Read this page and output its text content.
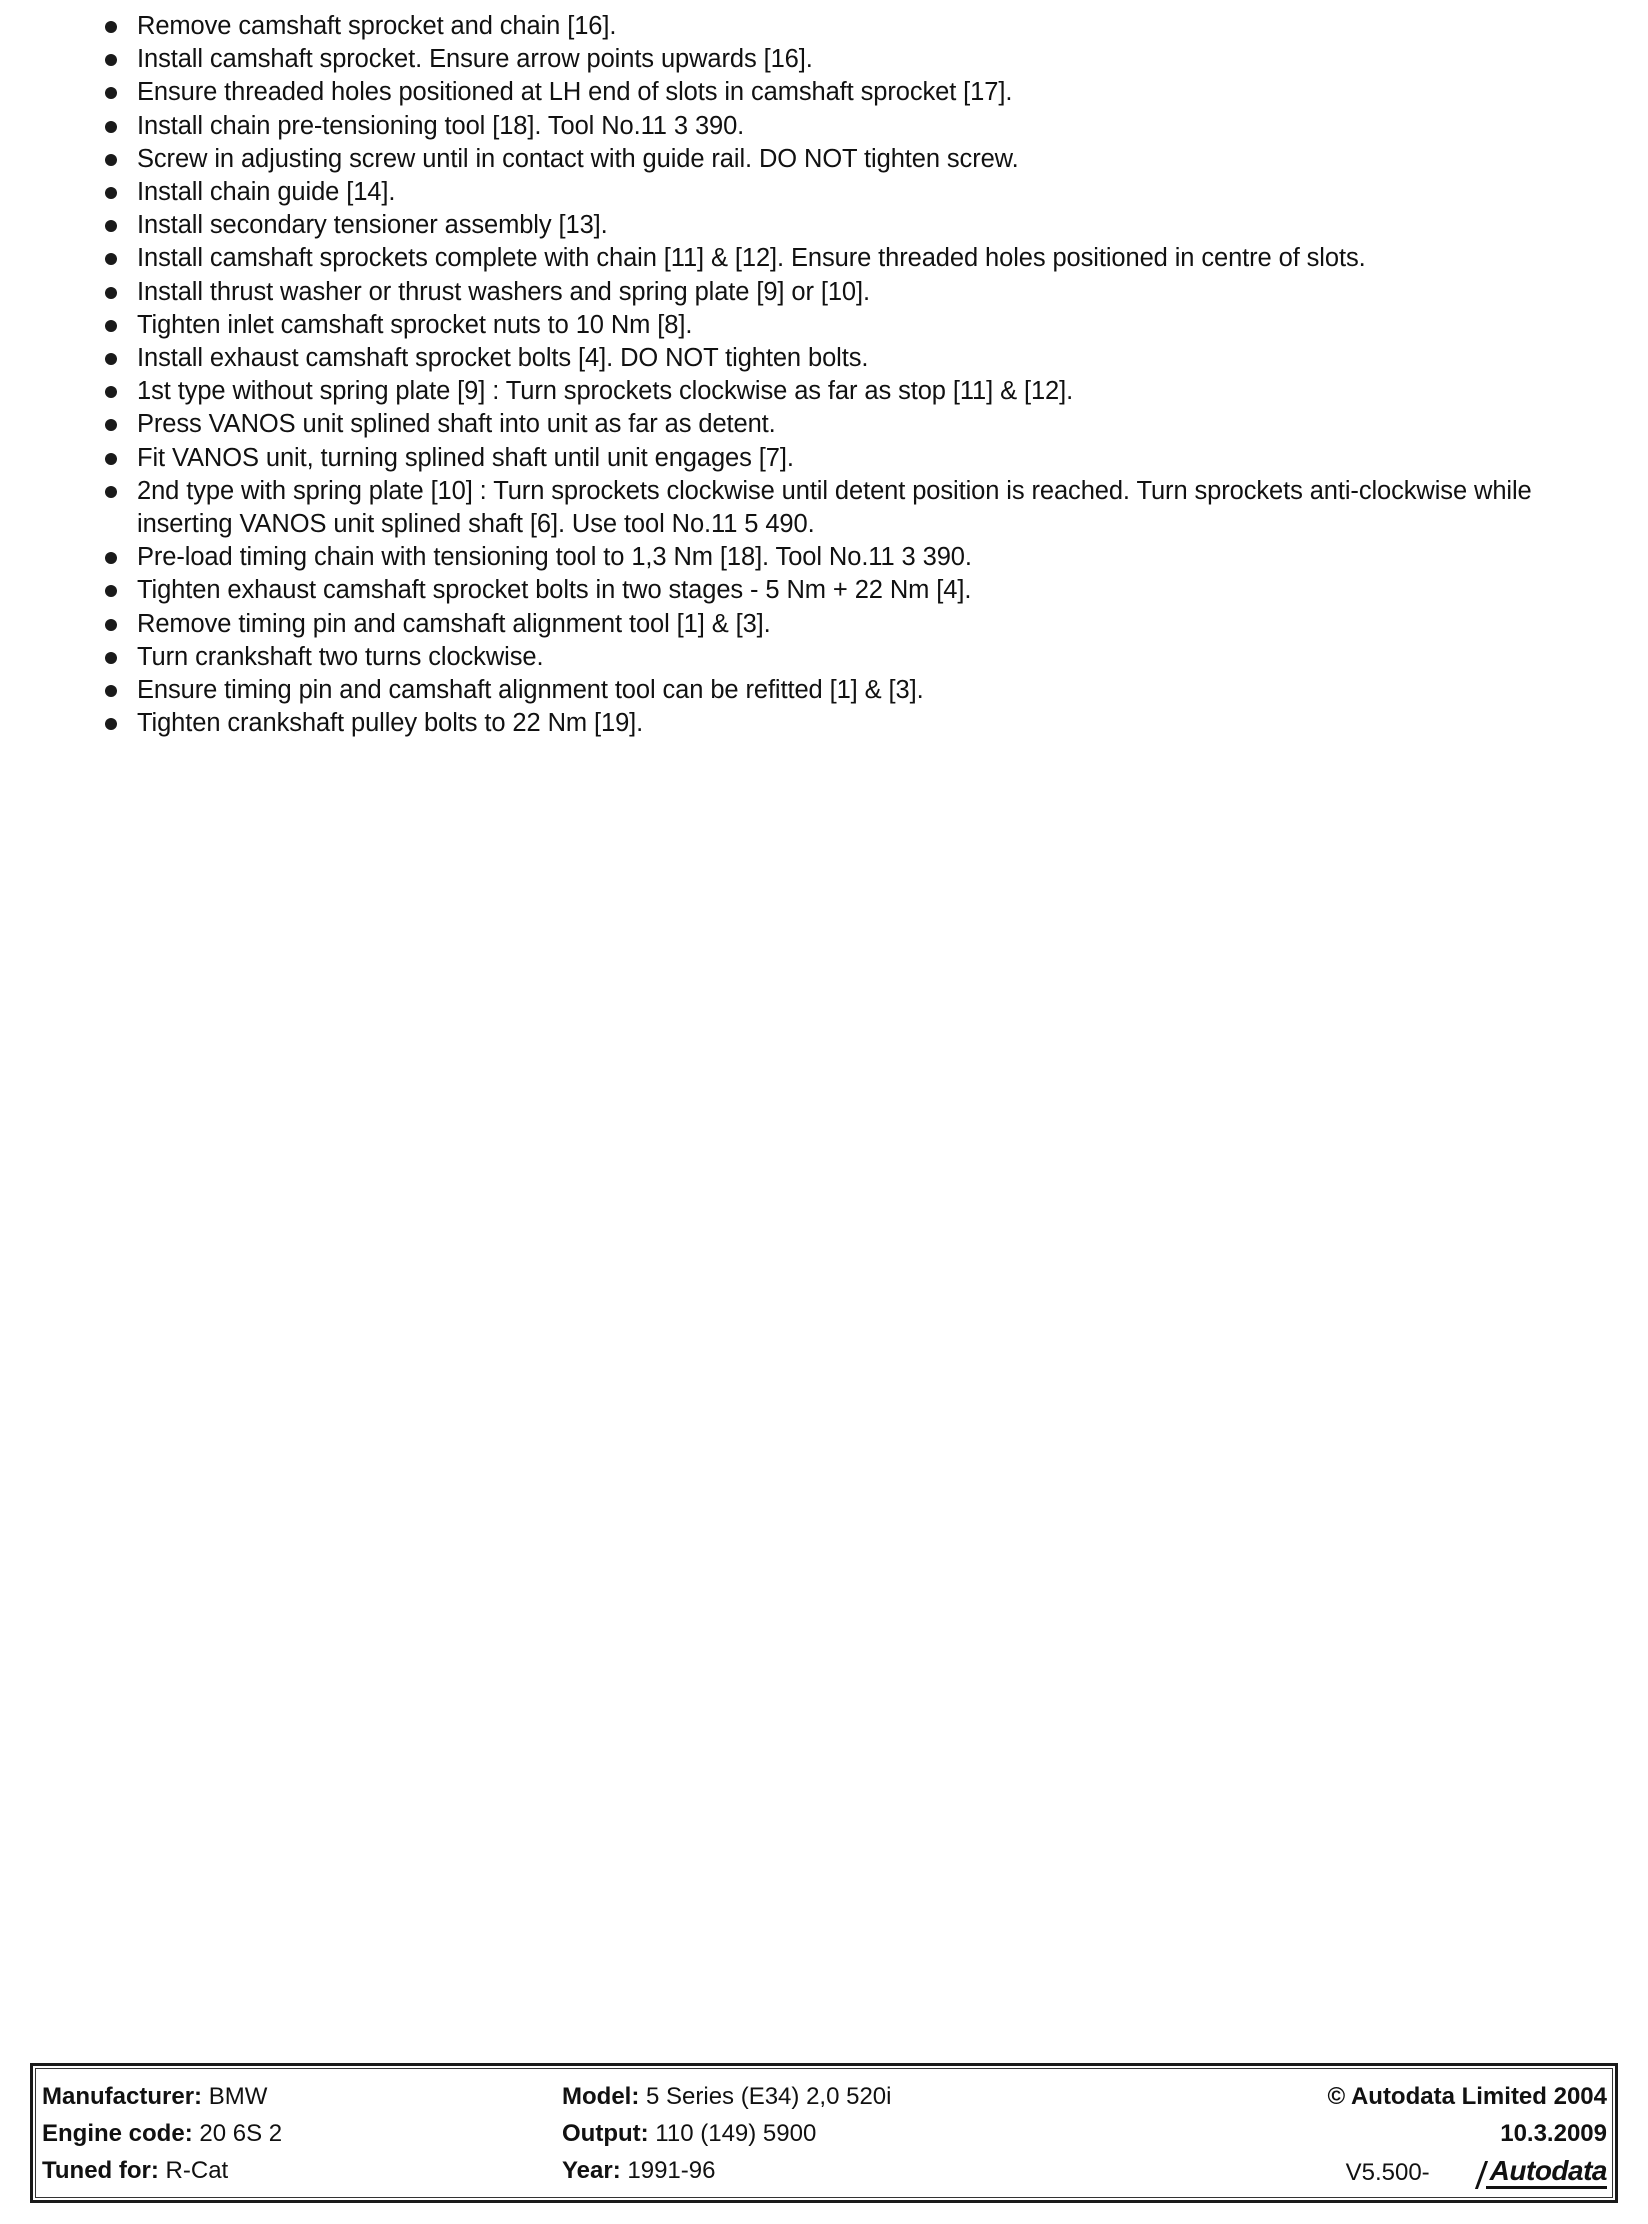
Remove camshaft sprocket and chain [16].
Install camshaft sprocket. Ensure arrow points upwards [16].
Ensure threaded holes positioned at LH end of slots in camshaft sprocket [17].
Install chain pre-tensioning tool [18]. Tool No.11 3 390.
Screw in adjusting screw until in contact with guide rail. DO NOT tighten screw.
Install chain guide [14].
Install secondary tensioner assembly [13].
Install camshaft sprockets complete with chain [11] & [12]. Ensure threaded holes positioned in centre of slots.
Install thrust washer or thrust washers and spring plate [9] or [10].
Tighten inlet camshaft sprocket nuts to 10 Nm [8].
Install exhaust camshaft sprocket bolts [4]. DO NOT tighten bolts.
1st type without spring plate [9] : Turn sprockets clockwise as far as stop [11] & [12].
Press VANOS unit splined shaft into unit as far as detent.
Fit VANOS unit, turning splined shaft until unit engages [7].
2nd type with spring plate [10] : Turn sprockets clockwise until detent position is reached. Turn sprockets anti-clockwise while inserting VANOS unit splined shaft [6]. Use tool No.11 5 490.
Pre-load timing chain with tensioning tool to 1,3 Nm [18]. Tool No.11 3 390.
Tighten exhaust camshaft sprocket bolts in two stages - 5 Nm + 22 Nm [4].
Remove timing pin and camshaft alignment tool [1] & [3].
Turn crankshaft two turns clockwise.
Ensure timing pin and camshaft alignment tool can be refitted [1] & [3].
Tighten crankshaft pulley bolts to 22 Nm [19].
Manufacturer: BMW
Engine code: 20 6S 2
Tuned for: R-Cat
Model: 5 Series (E34) 2,0 520i
Output: 110 (149) 5900
Year: 1991-96
© Autodata Limited 2004
10.3.2009
V5.500- Autodata
